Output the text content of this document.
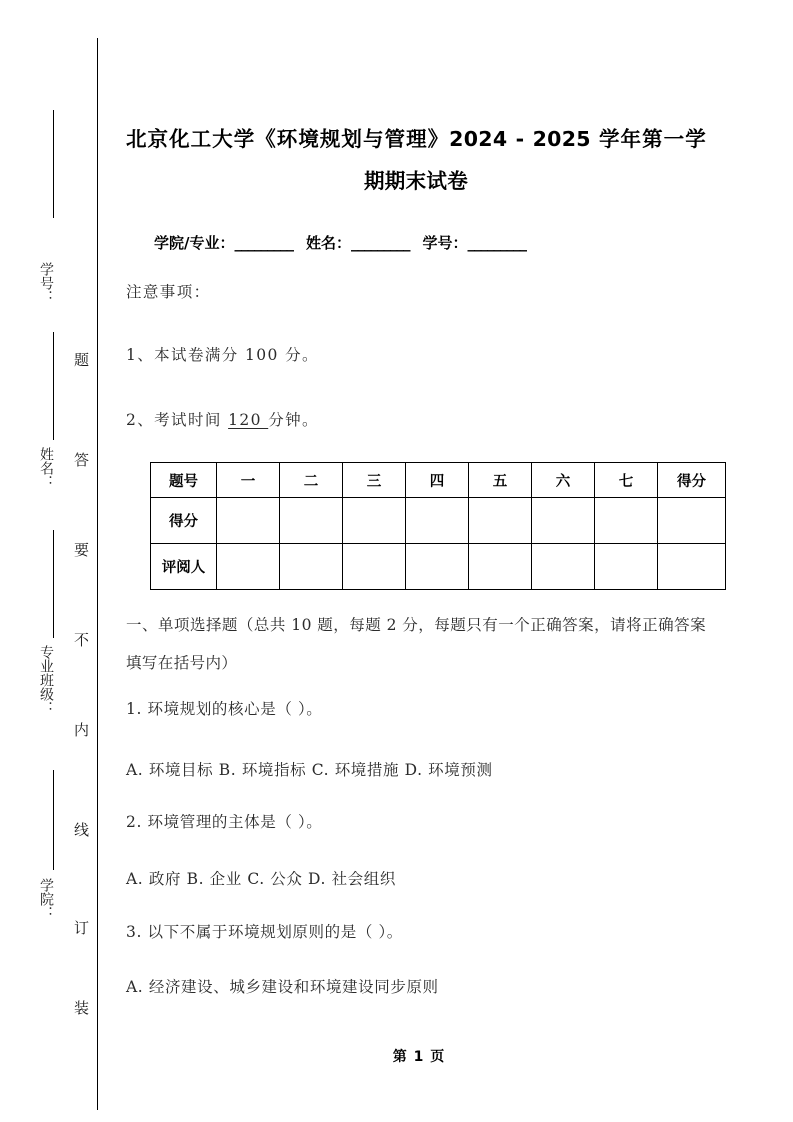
题
答
要
不
内
线
订
装
学号：
姓名：
专业班级：
学院：
北京化工大学《环境规划与管理》2024 - 2025 学年第一学期期末试卷
学院/专业：_________ 姓名：_________ 学号：_________
注意事项：
1、本试卷满分 100 分。
2、考试时间 120 分钟。
题号	一	二	三	四	五	六	七	得分
得分								
评阅人								
一、单项选择题（总共 10 题，每题 2 分，每题只有一个正确答案，请将正确答案填写在括号内）
1. 环境规划的核心是（ ）。
A. 环境目标 B. 环境指标 C. 环境措施 D. 环境预测
2. 环境管理的主体是（ ）。
A. 政府 B. 企业 C. 公众 D. 社会组织
3. 以下不属于环境规划原则的是（ ）。
A. 经济建设、城乡建设和环境建设同步原则
第 1 页
